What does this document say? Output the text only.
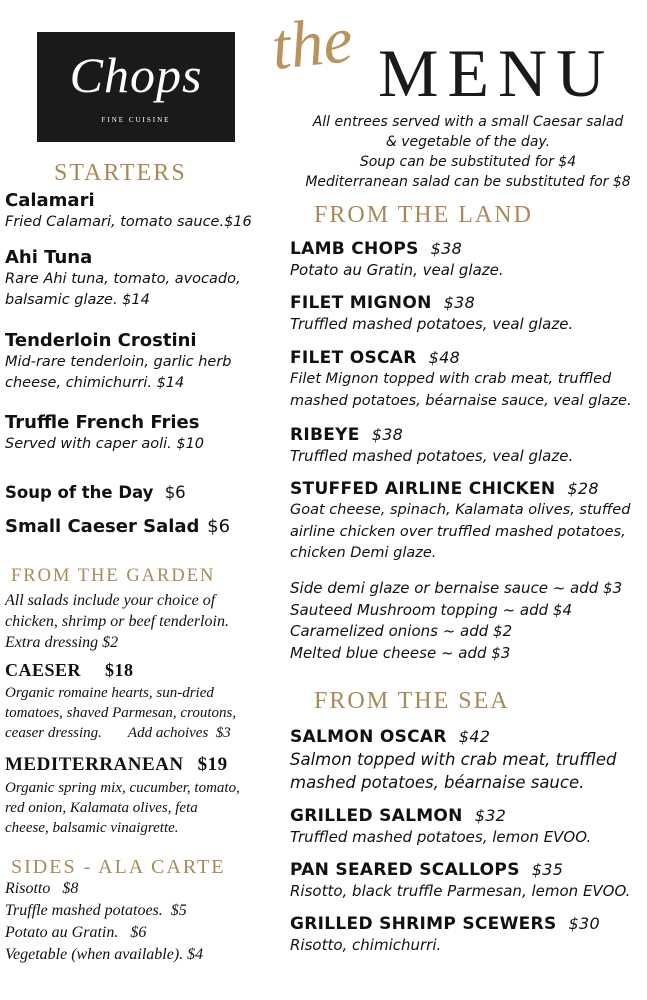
Chops
FINE CUISINE
the MENU
All entrees served with a small Caesar salad
& vegetable of the day.
Soup can be substituted for $4
Mediterranean salad can be substituted for $8
STARTERS
Calamari
Fried Calamari, tomato sauce.$16
Ahi Tuna
Rare Ahi tuna, tomato, avocado,
balsamic glaze. $14
Tenderloin Crostini
Mid-rare tenderloin, garlic herb
cheese, chimichurri. $14
Truffle French Fries
Served with caper aoli. $10
Soup of the Day $6
Small Caeser Salad $6
FROM THE GARDEN
All salads include your choice of
chicken, shrimp or beef tenderloin.
Extra dressing $2
CAESER $18
Organic romaine hearts, sun-dried
tomatoes, shaved Parmesan, croutons,
ceaser dressing.       Add achoives  $3
MEDITERRANEAN $19
Organic spring mix, cucumber, tomato,
red onion, Kalamata olives, feta
cheese, balsamic vinaigrette.
SIDES - ALA CARTE
Risotto   $8
Truffle mashed potatoes.  $5
Potato au Gratin.   $6
Vegetable (when available). $4
FROM THE LAND
LAMB CHOPS $38
Potato au Gratin, veal glaze.
FILET MIGNON $38
Truffled mashed potatoes, veal glaze.
FILET OSCAR $48
Filet Mignon topped with crab meat, truffled
mashed potatoes, béarnaise sauce, veal glaze.
RIBEYE $38
Truffled mashed potatoes, veal glaze.
STUFFED AIRLINE CHICKEN $28
Goat cheese, spinach, Kalamata olives, stuffed
airline chicken over truffled mashed potatoes,
chicken Demi glaze.
Side demi glaze or bernaise sauce ~ add $3
Sauteed Mushroom topping ~ add $4
Caramelized onions ~ add $2
Melted blue cheese ~ add $3
FROM THE SEA
SALMON OSCAR $42
Salmon topped with crab meat, truffled
mashed potatoes, béarnaise sauce.
GRILLED SALMON $32
Truffled mashed potatoes, lemon EVOO.
PAN SEARED SCALLOPS $35
Risotto, black truffle Parmesan, lemon EVOO.
GRILLED SHRIMP SCEWERS $30
Risotto, chimichurri.
